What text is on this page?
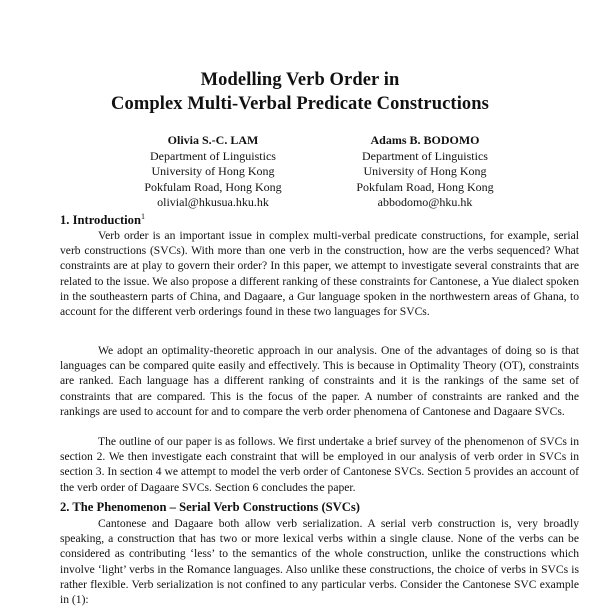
Modelling Verb Order in
Complex Multi-Verbal Predicate Constructions
Olivia S.-C. LAM
Department of Linguistics
University of Hong Kong
Pokfulam Road, Hong Kong
olivial@hkusua.hku.hk
Adams B. BODOMO
Department of Linguistics
University of Hong Kong
Pokfulam Road, Hong Kong
abbodomo@hku.hk
1. Introduction$^1$

Verb order is an important issue in complex multi-verbal predicate constructions, for example, serial verb constructions (SVCs). With more than one verb in the construction, how are the verbs sequenced? What constraints are at play to govern their order? In this paper, we attempt to investigate several constraints that are related to the issue. We also propose a different ranking of these constraints for Cantonese, a Yue dialect spoken in the southeastern parts of China, and Dagaare, a Gur language spoken in the northwestern areas of Ghana, to account for the different verb orderings found in these two languages for SVCs.

We adopt an optimality-theoretic approach in our analysis. One of the advantages of doing so is that languages can be compared quite easily and effectively. This is because in Optimality Theory (OT), constraints are ranked. Each language has a different ranking of constraints and it is the rankings of the same set of constraints that are compared. This is the focus of the paper. A number of constraints are ranked and the rankings are used to account for and to compare the verb order phenomena of Cantonese and Dagaare SVCs.

The outline of our paper is as follows. We first undertake a brief survey of the phenomenon of SVCs in section 2. We then investigate each constraint that will be employed in our analysis of verb order in SVCs in section 3. In section 4 we attempt to model the verb order of Cantonese SVCs. Section 5 provides an account of the verb order of Dagaare SVCs. Section 6 concludes the paper.

2. The Phenomenon – Serial Verb Constructions (SVCs)

Cantonese and Dagaare both allow verb serialization. A serial verb construction is, very broadly speaking, a construction that has two or more lexical verbs within a single clause. None of the verbs can be considered as contributing ‘less’ to the semantics of the whole construction, unlike the constructions which involve ‘light’ verbs in the Romance languages. Also unlike these constructions, the choice of verbs in SVCs is rather flexible. Verb serialization is not confined to any particular verbs. Consider the Cantonese SVC example in (1):
